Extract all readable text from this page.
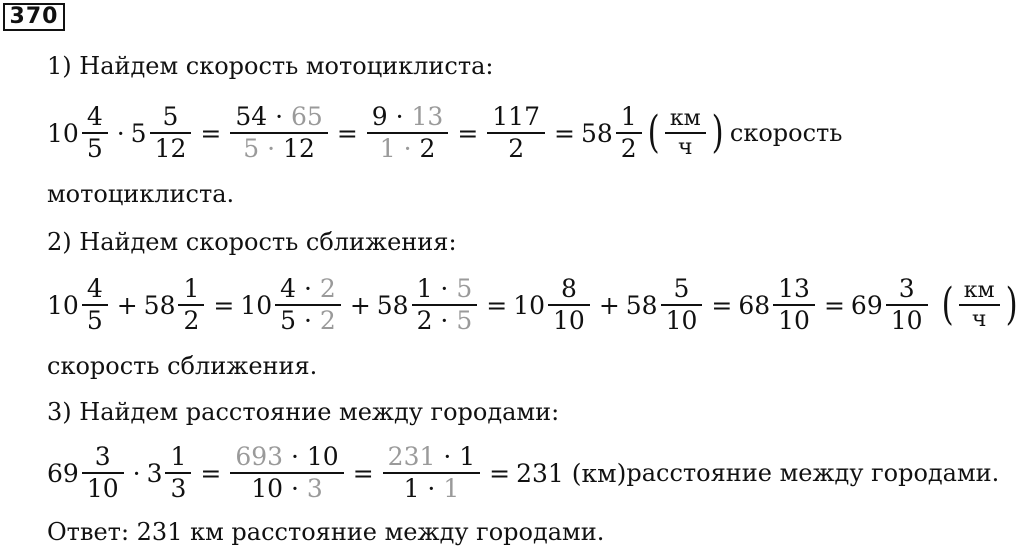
370
1) Найдем скорость мотоциклиста:
$10 \frac{4}{5} \cdot 5 \frac{5}{12} = \frac{54 \cdot 65}{5 \cdot 12} = \frac{9 \cdot 13}{1 \cdot 2} = \frac{117}{2} = 58 \frac{1}{2}$ ( $\frac{км}{ч}$ ) скорость
мотоциклиста.
2) Найдем скорость сближения:
$10 \frac{4}{5} + 58 \frac{1}{2} = 10 \frac{4 \cdot 2}{5 \cdot 2} + 58 \frac{1 \cdot 5}{2 \cdot 5} = 10 \frac{8}{10} + 58 \frac{5}{10} = 68 \frac{13}{10} = 69 \frac{3}{10}$ ( $\frac{км}{ч}$ )
скорость сближения.
3) Найдем расстояние между городами:
$69 \frac{3}{10} \cdot 3 \frac{1}{3} = \frac{693 \cdot 10}{10 \cdot 3} = \frac{231 \cdot 1}{1 \cdot 1} = 231$ (км) расстояние между городами.
Ответ: 231 км расстояние между городами.
